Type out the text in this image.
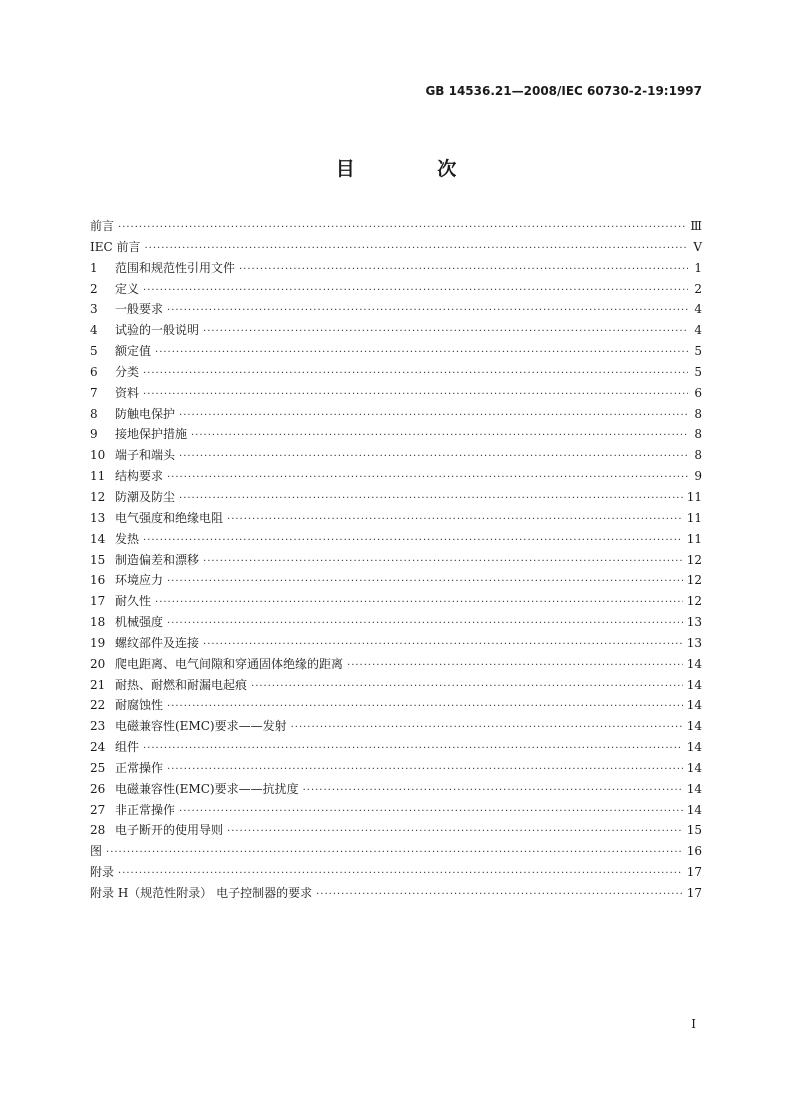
GB 14536.21—2008/IEC 60730-2-19:1997
目 次
前言 ·····	Ⅲ
IEC 前言 ·····	Ⅴ
1	范围和规范性引用文件 ·····	1
2	定义 ·····	2
3	一般要求 ·····	4
4	试验的一般说明 ·····	4
5	额定值 ·····	5
6	分类 ·····	5
7	资料 ·····	6
8	防触电保护 ·····	8
9	接地保护措施 ·····	8
10 端子和端头 ·····	8
11 结构要求 ·····	9
12 防潮及防尘 ·····	11
13 电气强度和绝缘电阻 ·····	11
14 发热 ·····	11
15 制造偏差和漂移 ·····	12
16 环境应力 ·····	12
17 耐久性 ·····	12
18 机械强度 ·····	13
19 螺纹部件及连接 ·····	13
20 爬电距离、电气间隙和穿通固体绝缘的距离 ·····	14
21 耐热、耐燃和耐漏电起痕 ·····	14
22 耐腐蚀性 ·····	14
23 电磁兼容性(EMC)要求——发射 ·····	14
24 组件 ·····	14
25 正常操作 ·····	14
26 电磁兼容性(EMC)要求——抗扰度 ·····	14
27 非正常操作 ·····	14
28 电子断开的使用导则 ·····	15
图 ·····	16
附录 ·····	17
附录 H（规范性附录） 电子控制器的要求 ·····	17
I
